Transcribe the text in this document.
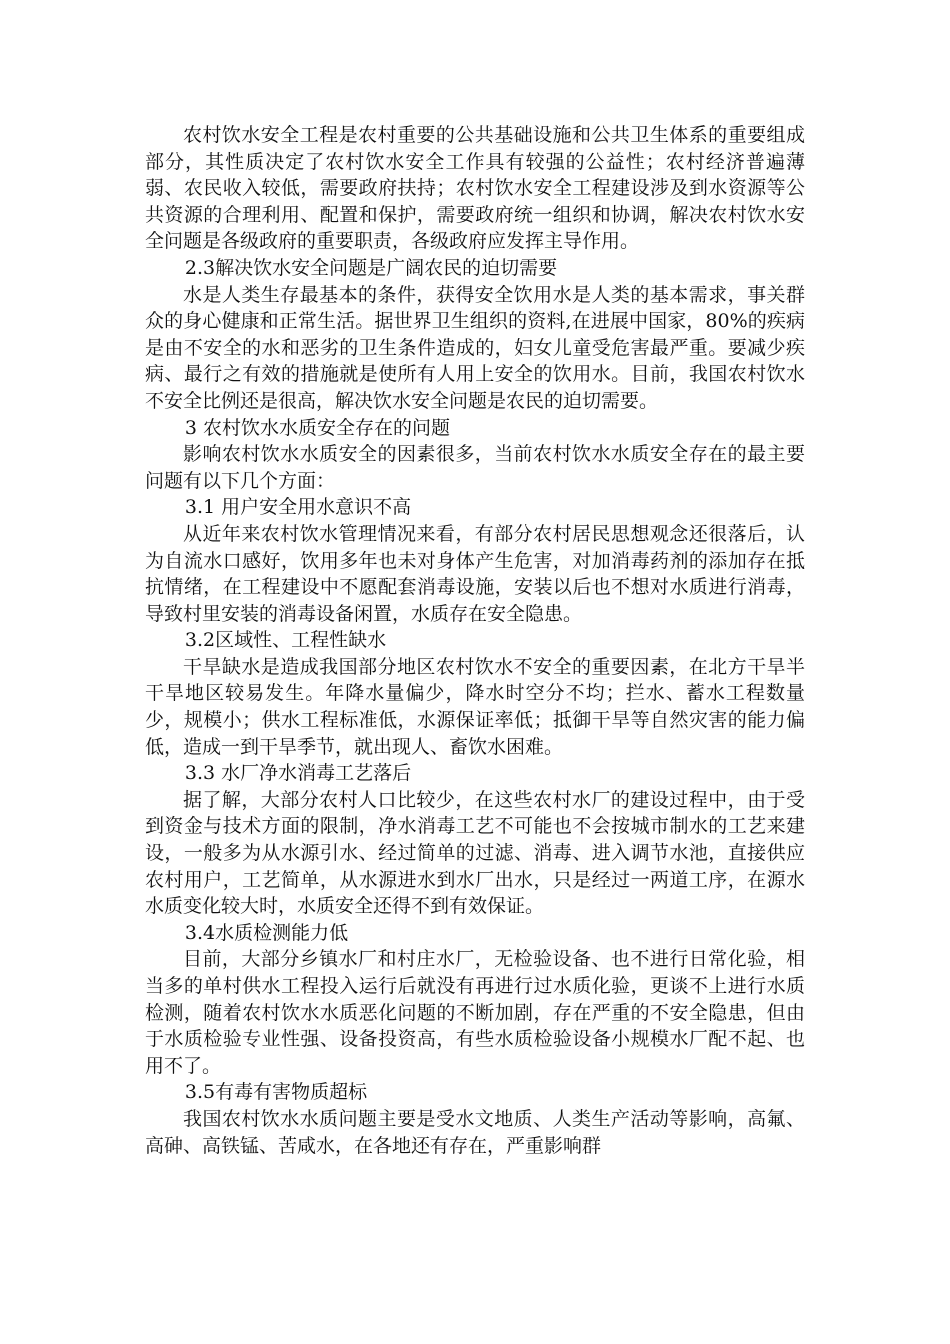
农村饮水安全工程是农村重要的公共基础设施和公共卫生体系的重要组成部分，其性质决定了农村饮水安全工作具有较强的公益性；农村经济普遍薄弱、农民收入较低，需要政府扶持；农村饮水安全工程建设涉及到水资源等公共资源的合理利用、配置和保护，需要政府统一组织和协调，解决农村饮水安全问题是各级政府的重要职责，各级政府应发挥主导作用。

2.3解决饮水安全问题是广阔农民的迫切需要

水是人类生存最基本的条件，获得安全饮用水是人类的基本需求，事关群众的身心健康和正常生活。据世界卫生组织的资料,在进展中国家，80%的疾病是由不安全的水和恶劣的卫生条件造成的，妇女儿童受危害最严重。要减少疾病、最行之有效的措施就是使所有人用上安全的饮用水。目前，我国农村饮水不安全比例还是很高，解决饮水安全问题是农民的迫切需要。

3 农村饮水水质安全存在的问题

影响农村饮水水质安全的因素很多，当前农村饮水水质安全存在的最主要问题有以下几个方面：

3.1 用户安全用水意识不高

从近年来农村饮水管理情况来看，有部分农村居民思想观念还很落后，认为自流水口感好，饮用多年也未对身体产生危害，对加消毒药剂的添加存在抵抗情绪，在工程建设中不愿配套消毒设施，安装以后也不想对水质进行消毒，导致村里安装的消毒设备闲置，水质存在安全隐患。

3.2区域性、工程性缺水

干旱缺水是造成我国部分地区农村饮水不安全的重要因素，在北方干旱半干旱地区较易发生。年降水量偏少，降水时空分不均；拦水、蓄水工程数量少，规模小；供水工程标准低，水源保证率低；抵御干旱等自然灾害的能力偏低，造成一到干旱季节，就出现人、畜饮水困难。

3.3 水厂净水消毒工艺落后

据了解，大部分农村人口比较少，在这些农村水厂的建设过程中，由于受到资金与技术方面的限制，净水消毒工艺不可能也不会按城市制水的工艺来建设，一般多为从水源引水、经过简单的过滤、消毒、进入调节水池，直接供应农村用户，工艺简单，从水源进水到水厂出水，只是经过一两道工序，在源水水质变化较大时，水质安全还得不到有效保证。

3.4水质检测能力低

目前，大部分乡镇水厂和村庄水厂，无检验设备、也不进行日常化验，相当多的单村供水工程投入运行后就没有再进行过水质化验，更谈不上进行水质检测，随着农村饮水水质恶化问题的不断加剧，存在严重的不安全隐患，但由于水质检验专业性强、设备投资高，有些水质检验设备小规模水厂配不起、也用不了。

3.5有毒有害物质超标

我国农村饮水水质问题主要是受水文地质、人类生产活动等影响，高氟、高砷、高铁锰、苦咸水，在各地还有存在，严重影响群
